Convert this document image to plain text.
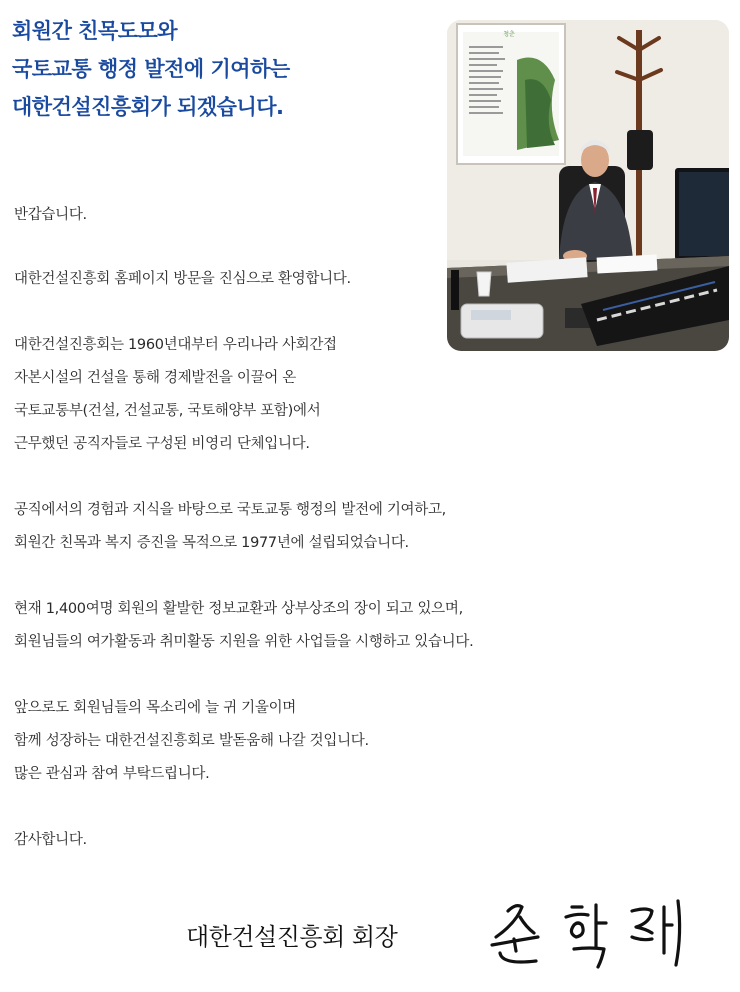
회원간 친목도모와
국토교통 행정 발전에 기여하는
대한건설진흥회가 되겠습니다.
청춘
반갑습니다.
대한건설진흥회 홈페이지 방문을 진심으로 환영합니다.
대한건설진흥회는 1960년대부터 우리나라 사회간접
자본시설의 건설을 통해 경제발전을 이끌어 온
국토교통부(건설, 건설교통, 국토해양부 포함)에서
근무했던 공직자들로 구성된 비영리 단체입니다.
공직에서의 경험과 지식을 바탕으로 국토교통 행정의 발전에 기여하고,
회원간 친목과 복지 증진을 목적으로 1977년에 설립되었습니다.
현재 1,400여명 회원의 활발한 정보교환과 상부상조의 장이 되고 있으며,
회원님들의 여가활동과 취미활동 지원을 위한 사업들을 시행하고 있습니다.
앞으로도 회원님들의 목소리에 늘 귀 기울이며
함께 성장하는 대한건설진흥회로 발돋움해 나갈 것입니다.
많은 관심과 참여 부탁드립니다.
감사합니다.
대한건설진흥회 회장
